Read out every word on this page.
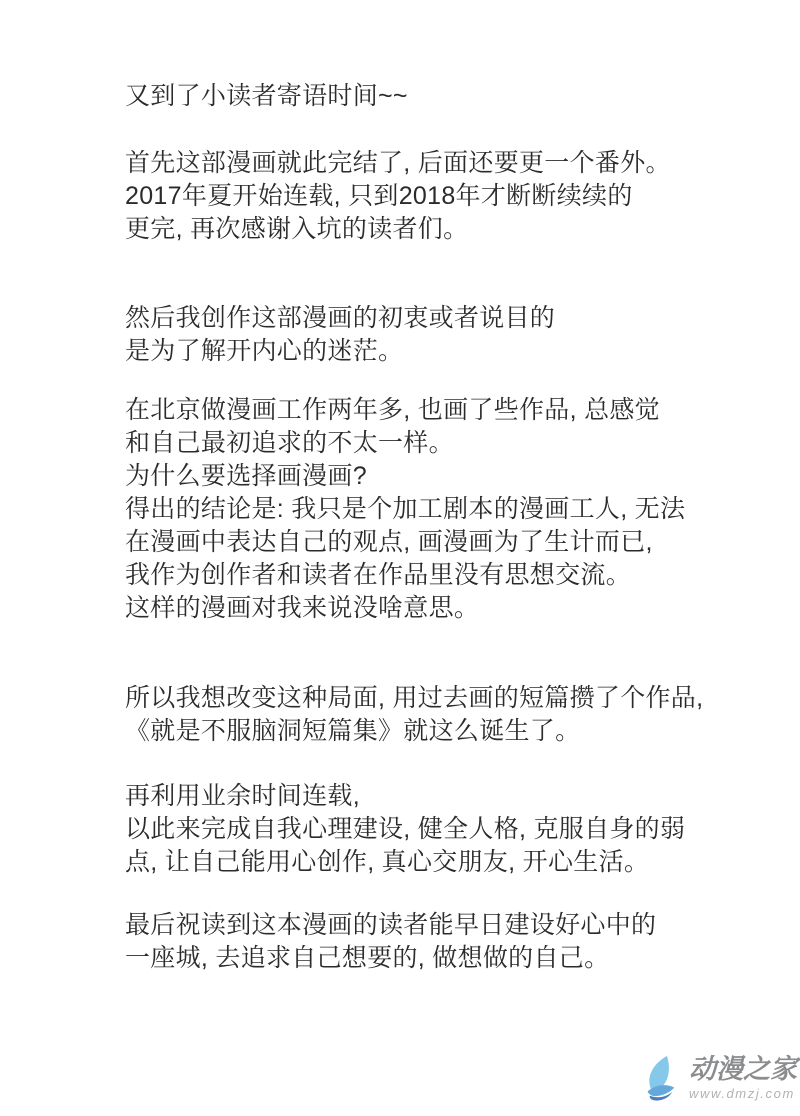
又到了小读者寄语时间~~
首先这部漫画就此完结了, 后面还要更一个番外。
2017年夏开始连载, 只到2018年才断断续续的
更完, 再次感谢入坑的读者们。
然后我创作这部漫画的初衷或者说目的
是为了解开内心的迷茫。
在北京做漫画工作两年多, 也画了些作品, 总感觉
和自己最初追求的不太一样。
为什么要选择画漫画?
得出的结论是: 我只是个加工剧本的漫画工人, 无法
在漫画中表达自己的观点, 画漫画为了生计而已,
我作为创作者和读者在作品里没有思想交流。
这样的漫画对我来说没啥意思。
所以我想改变这种局面, 用过去画的短篇攒了个作品,
《就是不服脑洞短篇集》就这么诞生了。
再利用业余时间连载,
以此来完成自我心理建设, 健全人格, 克服自身的弱
点, 让自己能用心创作, 真心交朋友, 开心生活。
最后祝读到这本漫画的读者能早日建设好心中的
一座城, 去追求自己想要的, 做想做的自己。
动漫之家
www.dmzj.com
